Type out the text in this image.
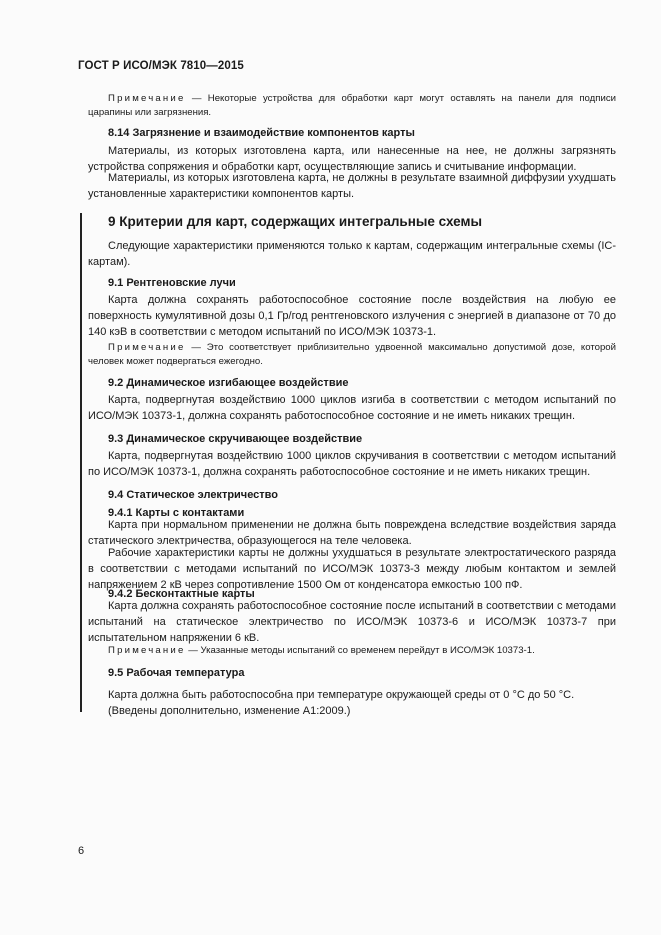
ГОСТ Р ИСО/МЭК 7810—2015
Примечание — Некоторые устройства для обработки карт могут оставлять на панели для подписи царапины или загрязнения.
8.14 Загрязнение и взаимодействие компонентов карты
Материалы, из которых изготовлена карта, или нанесенные на нее, не должны загрязнять устройства сопряжения и обработки карт, осуществляющие запись и считывание информации.
Материалы, из которых изготовлена карта, не должны в результате взаимной диффузии ухудшать установленные характеристики компонентов карты.
9 Критерии для карт, содержащих интегральные схемы
Следующие характеристики применяются только к картам, содержащим интегральные схемы (IC-картам).
9.1 Рентгеновские лучи
Карта должна сохранять работоспособное состояние после воздействия на любую ее поверхность кумулятивной дозы 0,1 Гр/год рентгеновского излучения с энергией в диапазоне от 70 до 140 кэВ в соответствии с методом испытаний по ИСО/МЭК 10373-1.
Примечание — Это соответствует приблизительно удвоенной максимально допустимой дозе, которой человек может подвергаться ежегодно.
9.2 Динамическое изгибающее воздействие
Карта, подвергнутая воздействию 1000 циклов изгиба в соответствии с методом испытаний по ИСО/МЭК 10373-1, должна сохранять работоспособное состояние и не иметь никаких трещин.
9.3 Динамическое скручивающее воздействие
Карта, подвергнутая воздействию 1000 циклов скручивания в соответствии с методом испытаний по ИСО/МЭК 10373-1, должна сохранять работоспособное состояние и не иметь никаких трещин.
9.4 Статическое электричество
9.4.1 Карты с контактами
Карта при нормальном применении не должна быть повреждена вследствие воздействия заряда статического электричества, образующегося на теле человека.
Рабочие характеристики карты не должны ухудшаться в результате электростатического разряда в соответствии с методами испытаний по ИСО/МЭК 10373-3 между любым контактом и землей напряжением 2 кВ через сопротивление 1500 Ом от конденсатора емкостью 100 пФ.
9.4.2 Бесконтактные карты
Карта должна сохранять работоспособное состояние после испытаний в соответствии с методами испытаний на статическое электричество по ИСО/МЭК 10373-6 и ИСО/МЭК 10373-7 при испытательном напряжении 6 кВ.
Примечание — Указанные методы испытаний со временем перейдут в ИСО/МЭК 10373-1.
9.5 Рабочая температура
Карта должна быть работоспособна при температуре окружающей среды от 0 °С до 50 °С.
(Введены дополнительно, изменение А1:2009.)
6
